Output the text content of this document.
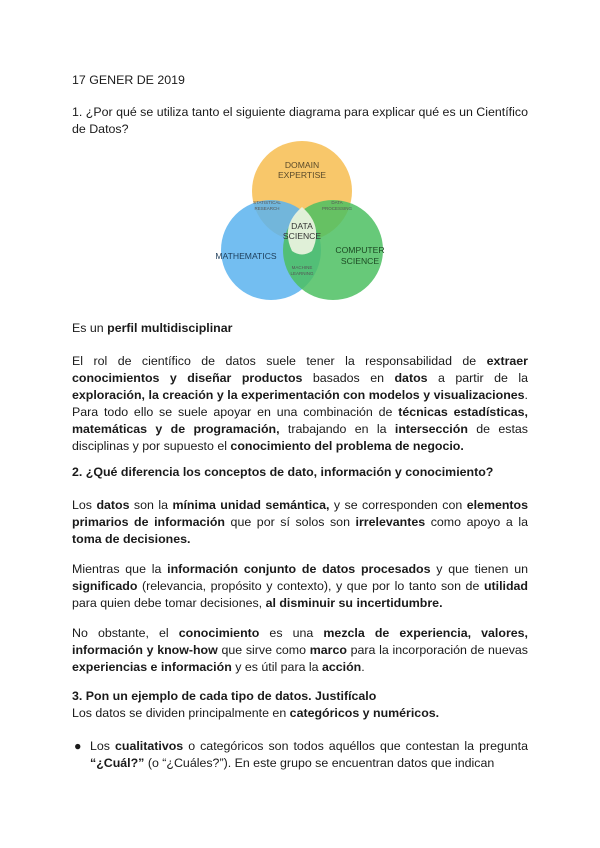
17 GENER DE 2019
1. ¿Por qué se utiliza tanto el siguiente diagrama para explicar qué es un Científico de Datos?
DOMAIN
EXPERTISE
MATHEMATICS
COMPUTER
SCIENCE
DATA
SCIENCE
STATISTICAL
RESEARCH
DATA
PROCESSING
MACHINE
LEARNING
Es un perfil multidisciplinar
El rol de científico de datos suele tener la responsabilidad de extraer conocimientos y diseñar productos basados en datos a partir de la exploración, la creación y la experimentación con modelos y visualizaciones. Para todo ello se suele apoyar en una combinación de técnicas estadísticas, matemáticas y de programación, trabajando en la intersección de estas disciplinas y por supuesto el conocimiento del problema de negocio.
2. ¿Qué diferencia los conceptos de dato, información y conocimiento?
Los datos son la mínima unidad semántica, y se corresponden con elementos primarios de información que por sí solos son irrelevantes como apoyo a la toma de decisiones.
Mientras que la información conjunto de datos procesados y que tienen un significado (relevancia, propósito y contexto), y que por lo tanto son de utilidad para quien debe tomar decisiones, al disminuir su incertidumbre.
No obstante, el conocimiento es una mezcla de experiencia, valores, información y know-how que sirve como marco para la incorporación de nuevas experiencias e información y es útil para la acción.
3. Pon un ejemplo de cada tipo de datos. Justifícalo
Los datos se dividen principalmente en categóricos y numéricos.
● Los cualitativos o categóricos son todos aquéllos que contestan la pregunta “¿Cuál?” (o “¿Cuáles?”). En este grupo se encuentran datos que indican
